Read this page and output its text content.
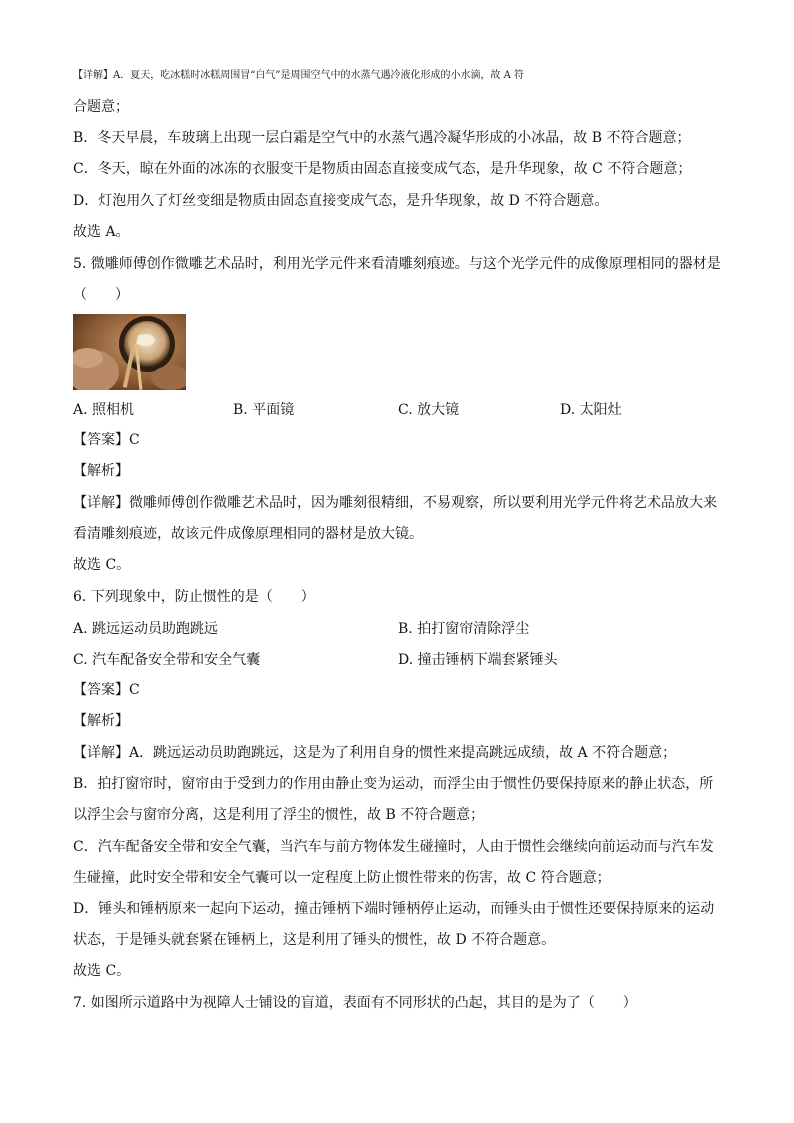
【详解】A．夏天，吃冰糕时冰糕周围冒“白气”是周围空气中的水蒸气遇冷液化形成的小水滴，故 A 符
合题意；
B．冬天早晨，车玻璃上出现一层白霜是空气中的水蒸气遇冷凝华形成的小冰晶，故 B 不符合题意；
C．冬天，晾在外面的冰冻的衣服变干是物质由固态直接变成气态，是升华现象，故 C 不符合题意；
D．灯泡用久了灯丝变细是物质由固态直接变成气态，是升华现象，故 D 不符合题意。
故选 A。
5. 微雕师傅创作微雕艺术品时，利用光学元件来看清雕刻痕迹。与这个光学元件的成像原理相同的器材是
（　　）
A. 照相机	B. 平面镜	C. 放大镜	D. 太阳灶
【答案】C
【解析】
【详解】微雕师傅创作微雕艺术品时，因为雕刻很精细，不易观察，所以要利用光学元件将艺术品放大来
看清雕刻痕迹，故该元件成像原理相同的器材是放大镜。
故选 C。
6. 下列现象中，防止惯性的是（　　）
A. 跳远运动员助跑跳远	B. 拍打窗帘清除浮尘
C. 汽车配备安全带和安全气囊	D. 撞击锤柄下端套紧锤头
【答案】C
【解析】
【详解】A．跳远运动员助跑跳远，这是为了利用自身的惯性来提高跳远成绩，故 A 不符合题意；
B．拍打窗帘时，窗帘由于受到力的作用由静止变为运动，而浮尘由于惯性仍要保持原来的静止状态，所
以浮尘会与窗帘分离，这是利用了浮尘的惯性，故 B 不符合题意；
C．汽车配备安全带和安全气囊，当汽车与前方物体发生碰撞时，人由于惯性会继续向前运动而与汽车发
生碰撞，此时安全带和安全气囊可以一定程度上防止惯性带来的伤害，故 C 符合题意；
D．锤头和锤柄原来一起向下运动，撞击锤柄下端时锤柄停止运动，而锤头由于惯性还要保持原来的运动
状态，于是锤头就套紧在锤柄上，这是利用了锤头的惯性，故 D 不符合题意。
故选 C。
7. 如图所示道路中为视障人士铺设的盲道，表面有不同形状的凸起，其目的是为了（　　）
